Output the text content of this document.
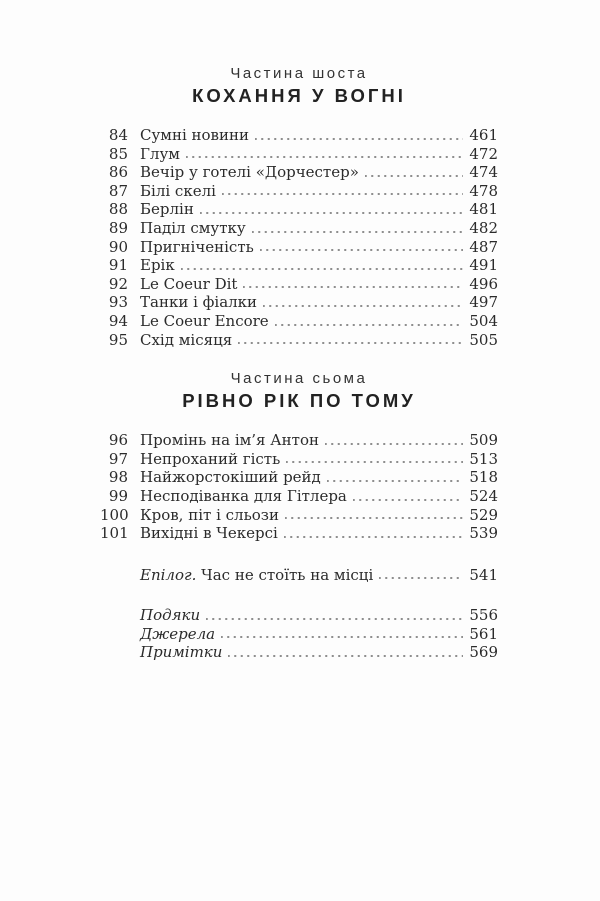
Частина шоста
КОХАННЯ У ВОГНІ
84 Сумні новини	461
85 Глум	472
86 Вечір у готелі «Дорчестер»	474
87 Білі скелі	478
88 Берлін	481
89 Паділ смутку	482
90 Пригніченість	487
91 Ерік	491
92 Le Coeur Dit	496
93 Танки і фіалки	497
94 Le Coeur Encore	504
95 Схід місяця	505
Частина сьома
РІВНО РІК ПО ТОМУ
96 Промінь на ім’я Антон	509
97 Непроханий гість	513
98 Найжорстокіший рейд	518
99 Несподіванка для Гітлера	524
100 Кров, піт і сльози	529
101 Вихідні в Чекерсі	539
Епілог. Час не стоїть на місці	541
Подяки	556
Джерела	561
Примітки	569
